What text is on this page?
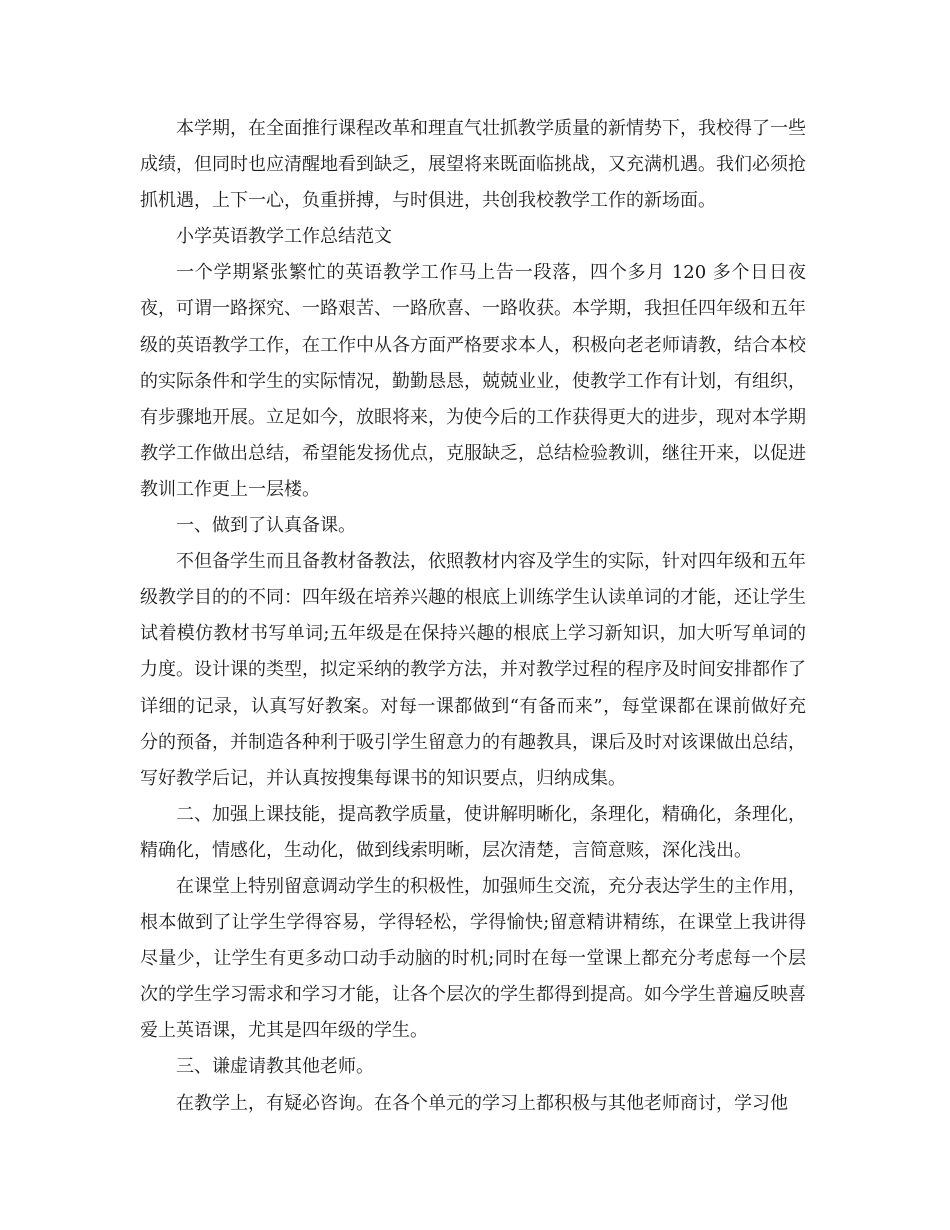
本学期，在全面推行课程改革和理直气壮抓教学质量的新情势下，我校得了一些成绩，但同时也应清醒地看到缺乏，展望将来既面临挑战，又充满机遇。我们必须抢抓机遇，上下一心，负重拼搏，与时俱进，共创我校教学工作的新场面。

小学英语教学工作总结范文

一个学期紧张繁忙的英语教学工作马上告一段落，四个多月 120 多个日日夜夜，可谓一路探究、一路艰苦、一路欣喜、一路收获。本学期，我担任四年级和五年级的英语教学工作，在工作中从各方面严格要求本人，积极向老老师请教，结合本校的实际条件和学生的实际情况，勤勤恳恳，兢兢业业，使教学工作有计划，有组织，有步骤地开展。立足如今，放眼将来，为使今后的工作获得更大的进步，现对本学期教学工作做出总结，希望能发扬优点，克服缺乏，总结检验教训，继往开来，以促进教训工作更上一层楼。

一、做到了认真备课。

不但备学生而且备教材备教法，依照教材内容及学生的实际，针对四年级和五年级教学目的的不同：四年级在培养兴趣的根底上训练学生认读单词的才能，还让学生试着模仿教材书写单词;五年级是在保持兴趣的根底上学习新知识，加大听写单词的力度。设计课的类型，拟定采纳的教学方法，并对教学过程的程序及时间安排都作了详细的记录，认真写好教案。对每一课都做到“有备而来”，每堂课都在课前做好充分的预备，并制造各种利于吸引学生留意力的有趣教具，课后及时对该课做出总结，写好教学后记，并认真按搜集每课书的知识要点，归纳成集。

二、加强上课技能，提高教学质量，使讲解明晰化，条理化，精确化，条理化，精确化，情感化，生动化，做到线索明晰，层次清楚，言简意赅，深化浅出。

在课堂上特别留意调动学生的积极性，加强师生交流，充分表达学生的主作用，根本做到了让学生学得容易，学得轻松，学得愉快;留意精讲精练，在课堂上我讲得尽量少，让学生有更多动口动手动脑的时机;同时在每一堂课上都充分考虑每一个层次的学生学习需求和学习才能，让各个层次的学生都得到提高。如今学生普遍反映喜爱上英语课，尤其是四年级的学生。

三、谦虚请教其他老师。

在教学上，有疑必咨询。在各个单元的学习上都积极与其他老师商讨，学习他
